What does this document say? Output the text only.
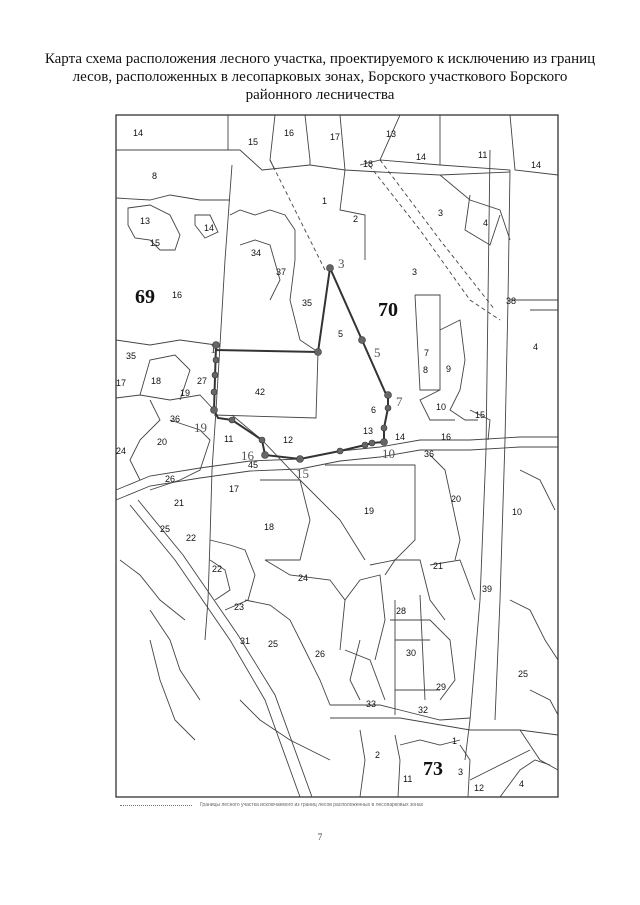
Карта схема расположения лесного участка, проектируемого к исключению из границ лесов, расположенных в лесопарковых зонах, Борского участкового Борского районного лесничества
69
70
73
1
3
5
7
10
15
16
19
14
15
16	17	13
18
14	11
14
8
1
2
3
13
15
14	4
34
37	3
16
35	38
5
4
35	7
17	18	27
42
8 9
19
10
36
6	15
20	11	12
13
14	16
24
45
36
26
17
21
19
20
25
22
18
10
22
24
21
23	28
39
31 25
26	30
25
29
33
32
1
2
3
11
12	4
Границы лесного участка исключаемого из границ лесов расположенных в лесопарковых зонах
7
